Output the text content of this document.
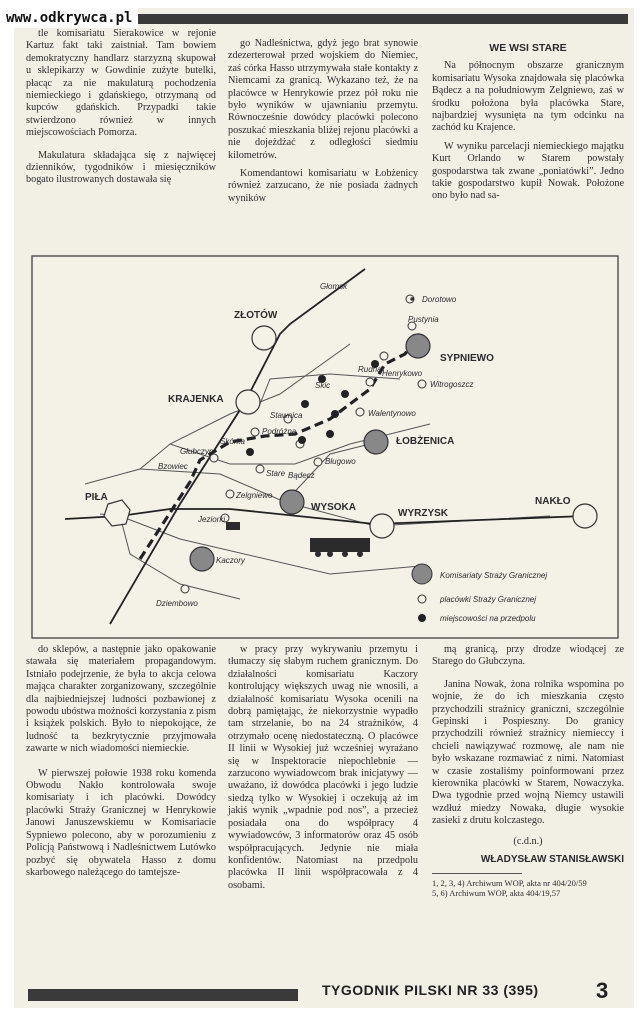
tle komisariatu Sierakowice w rejonie Kartuz fakt taki zaistniał. Tam bowiem demokratyczny handlarz starzyzną skupował u sklepikarzy w Gowdinie zużyte butelki, płacąc za nie makulaturą pochodzenia niemieckiego i gdańskiego, otrzymaną od kupców gdańskich. Przypadki takie stwierdzono również w innych miejscowościach Pomorza.

Makulatura składająca się z najwięcej dzienników, tygodników i miesięczników bogato ilustrowanych dostawała się

go Nadleśnictwa, gdyż jego brat synowie zdezerterował przed wojskiem do Niemiec, zaś córka Hasso utrzymywała stałe kontakty z Niemcami za granicą. Wykazano też, że na placówce w Henrykowie przez pół roku nie było wyników w ujawnianiu przemytu. Równocześnie dowódcy placówki polecono poszukać mieszkania bliżej rejonu placówki a nie dojeżdżać z odległości siedmiu kilometrów.

Komendantowi komisariatu w Łobżenicy również zarzucano, że nie posiada żadnych wyników

WE WSI STARE

Na północnym obszarze granicznym komisariatu Wysoka znajdowała się placówka Bądecz a na południowym Zelgniewo, zaś w środku położona była placówka Stare, najbardziej wysunięta na tym odcinku na zachód ku Krajence.

W wyniku parcelacji niemieckiego majątku Kurt Orlando w Starem powstały gospodarstwa tak zwane „poniatówki”. Jedno takie gospodarstwo kupił Nowak. Położone ono było nad sa-

ZŁOTÓW
KRAJENKA
SYPNIEWO
ŁOBŻENICA
WYSOKA
WYRZYSK
NAKŁO
PIŁA
Głomsk
Dorotowo
Pustynia
Henrykowo
Rudna
Skic	Witrogoszcz
Walentynowo
Stawnica
Podróżna
Skórka
Głubczyn
Bzowiec
Bługowo
Stare Bądecz
Zelgniewo
Jeziorki
Kaczory
Dziembowo
Komisariaty Straży Granicznej
placówki Straży Granicznej
miejscowości na przedpolu

do sklepów, a następnie jako opakowanie stawała się materiałem propagandowym. Istniało podejrzenie, że była to akcja celowa mająca charakter zorganizowany, szczególnie dla najbiedniejszej ludności pozbawionej z powodu ubóstwa możności korzystania z pism i książek polskich. Było to niepokojące, że ludność ta bezkrytycznie przyjmowała zawarte w nich wiadomości niemieckie.

W pierwszej połowie 1938 roku komenda Obwodu Nakło kontrolowała swoje komisariaty i ich placówki. Dowódcy placówki Straży Granicznej w Henrykowie Janowi Januszewskiemu w Komisariacie Sypniewo polecono, aby w porozumieniu z Policją Państwową i Nadleśnictwem Lutówko pozbyć się obywatela Hasso z domu skarbowego należącego do tamtejsze-

w pracy przy wykrywaniu przemytu i tłumaczy się słabym ruchem granicznym. Do działalności komisariatu Kaczory kontrolujący większych uwag nie wnosili, a działalność komisariatu Wysoka ocenili na dobrą pamiętając, że niekorzystnie wypadło tam strzelanie, bo na 24 strażników, 4 otrzymało ocenę niedostateczną. O placówce II linii w Wysokiej już wcześniej wyrażano się w Inspektoracie niepochlebnie — zarzucono wywiadowcom brak inicjatywy — uważano, iż dowódca placówki i jego ludzie siedzą tylko w Wysokiej i oczekują aż im jakiś wynik „wpadnie pod nos”, a przecież posiadała ona do współpracy 4 wywiadowców, 3 informatorów oraz 45 osób współpracujących. Jedynie nie miała konfidentów. Natomiast na przedpolu placówka II linii współpracowała z 4 osobami.

mą granicą, przy drodze wiodącej ze Starego do Głubczyna.

Janina Nowak, żona rolnika wspomina po wojnie, że do ich mieszkania często przychodzili strażnicy graniczni, szczególnie Gepinski i Pospieszny. Do granicy przychodzili również strażnicy niemieccy i chcieli nawiązywać rozmowę, ale nam nie było wskazane rozmawiać z nimi. Natomiast w czasie zostaliśmy poinformowani przez kierownika placówki w Starem, Nowaczyka. Dwa tygodnie przed wojną Niemcy ustawili wzdłuż miedzy Nowaka, długie wysokie zasieki z drutu kolczastego.

(c.d.n.)

WŁADYSŁAW STANISŁAWSKI

1, 2, 3, 4) Archiwum WOP, akta nr 404/20/59

5, 6) Archiwum WOP, akta 404/19,57

TYGODNIK PILSKI NR 33 (395)	3
www.odkrywca.pl
